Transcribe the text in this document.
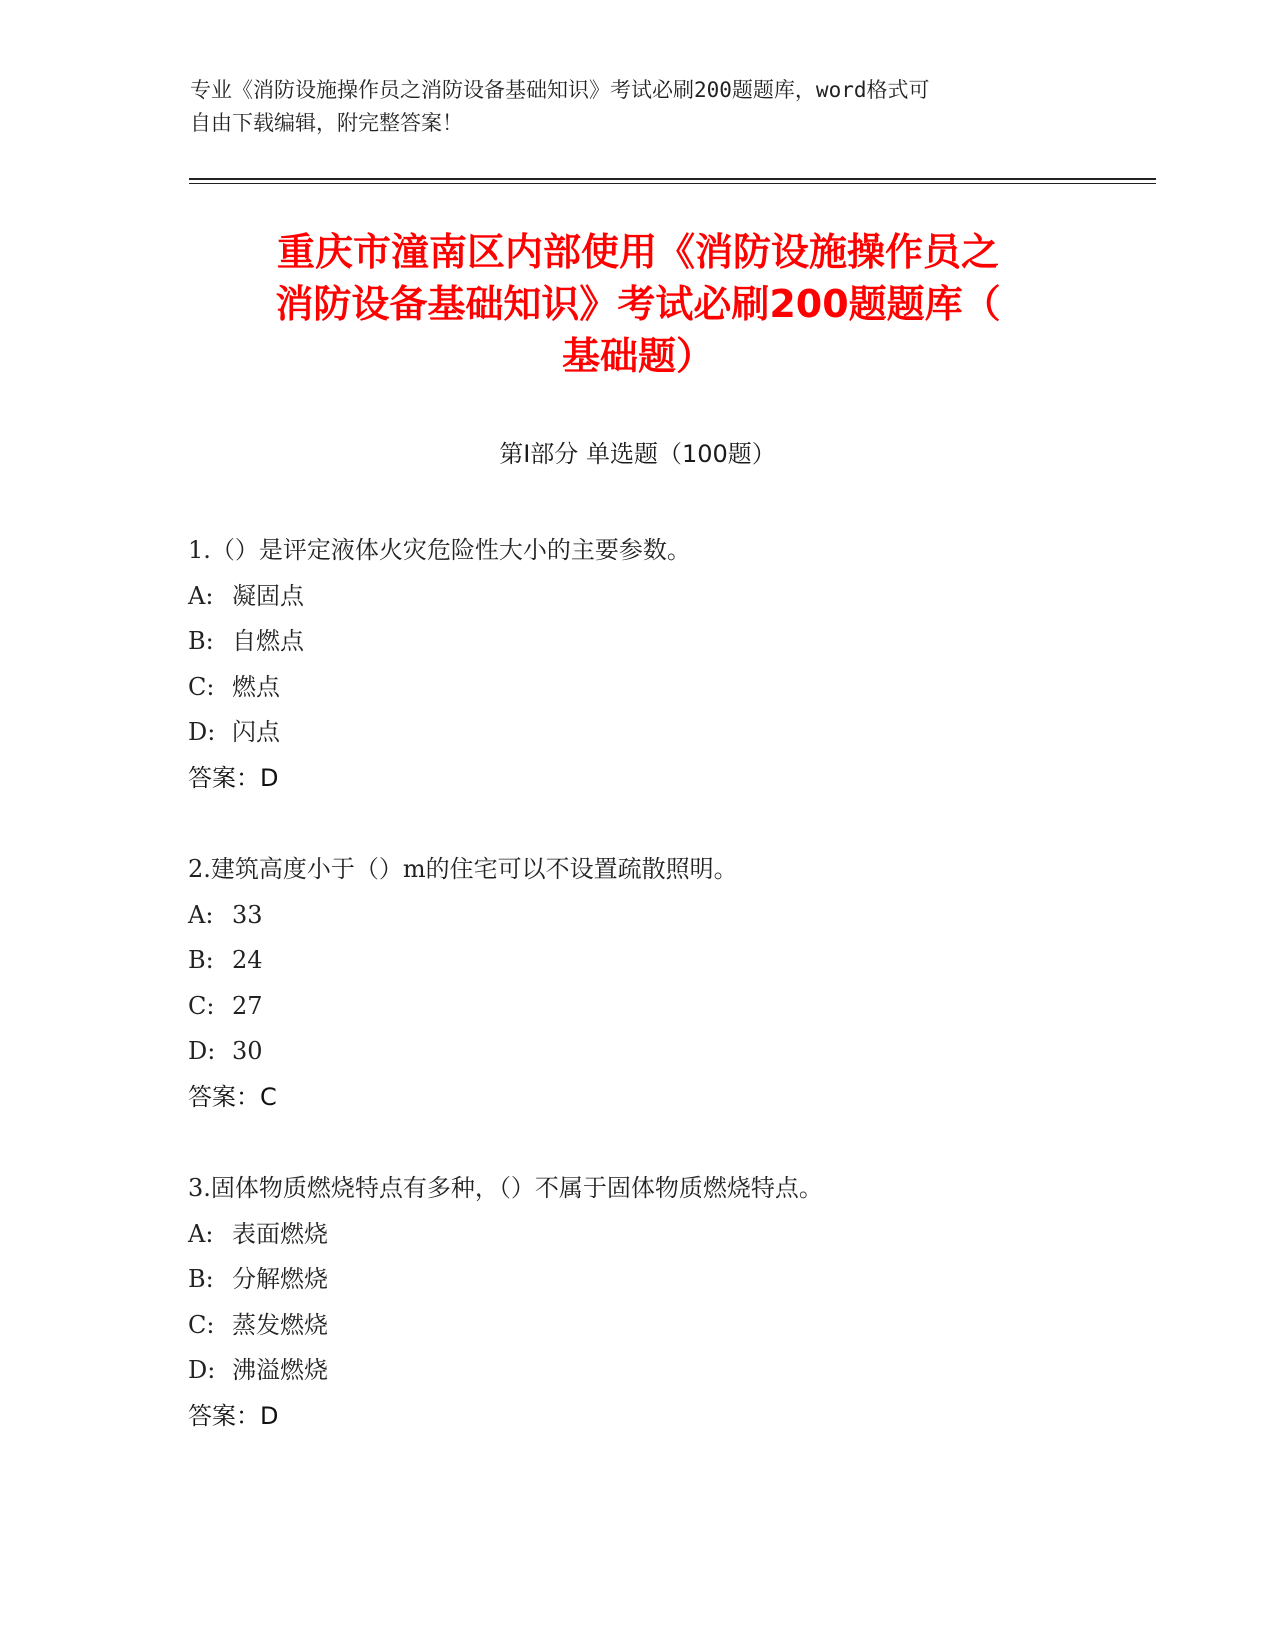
专业《消防设施操作员之消防设备基础知识》考试必刷200题题库，word格式可
自由下载编辑，附完整答案！
重庆市潼南区内部使用《消防设施操作员之
消防设备基础知识》考试必刷200题题库（
基础题）
第Ⅰ部分 单选题（100题）
1.（）是评定液体火灾危险性大小的主要参数。
A: 凝固点
B: 自燃点
C: 燃点
D: 闪点
答案：D
2.建筑高度小于（）m的住宅可以不设置疏散照明。
A: 33
B: 24
C: 27
D: 30
答案：C
3.固体物质燃烧特点有多种，（）不属于固体物质燃烧特点。
A: 表面燃烧
B: 分解燃烧
C: 蒸发燃烧
D: 沸溢燃烧
答案：D
